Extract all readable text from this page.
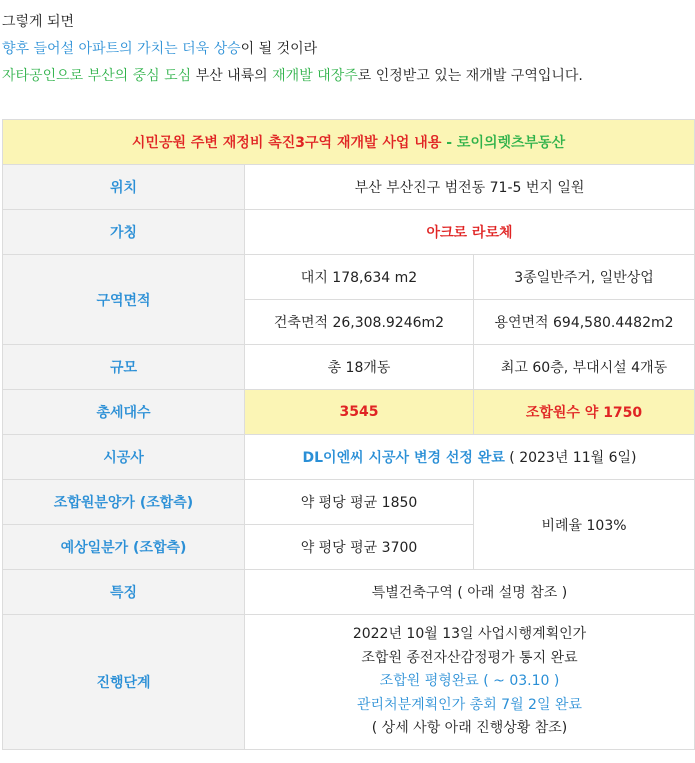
그렇게 되면
향후 들어설 아파트의 가치는 더욱 상승이 될 것이라
자타공인으로 부산의 중심 도심 부산 내륙의 재개발 대장주로 인정받고 있는 재개발 구역입니다.
시민공원 주변 재정비 촉진3구역 재개발 사업 내용 - 로이의렛츠부동산		
위치	부산 부산진구 범전동 71-5 번지 일원	
가칭	아크로 라로체	
구역면적	대지 178,634 m2	3종일반주거, 일반상업
	건축면적 26,308.9246m2	용연면적 694,580.4482m2
규모	총 18개동	최고 60층, 부대시설 4개동
총세대수	3545	조합원수 약 1750
시공사	DL이엔씨 시공사 변경 선정 완료 ( 2023년 11월 6일)	
조합원분양가 (조합측)	약 평당 평균 1850	비례율 103%
예상일분가 (조합측)	약 평당 평균 3700	
특징	특별건축구역 ( 아래 설명 참조 )	
진행단계	2022년 10월 13일 사업시행계획인가
조합원 종전자산감정평가 통지 완료
조합원 평형완료 ( ~ 03.10 )
관리처분계획인가 총회 7월 2일 완료
( 상세 사항 아래 진행상황 참조)	
